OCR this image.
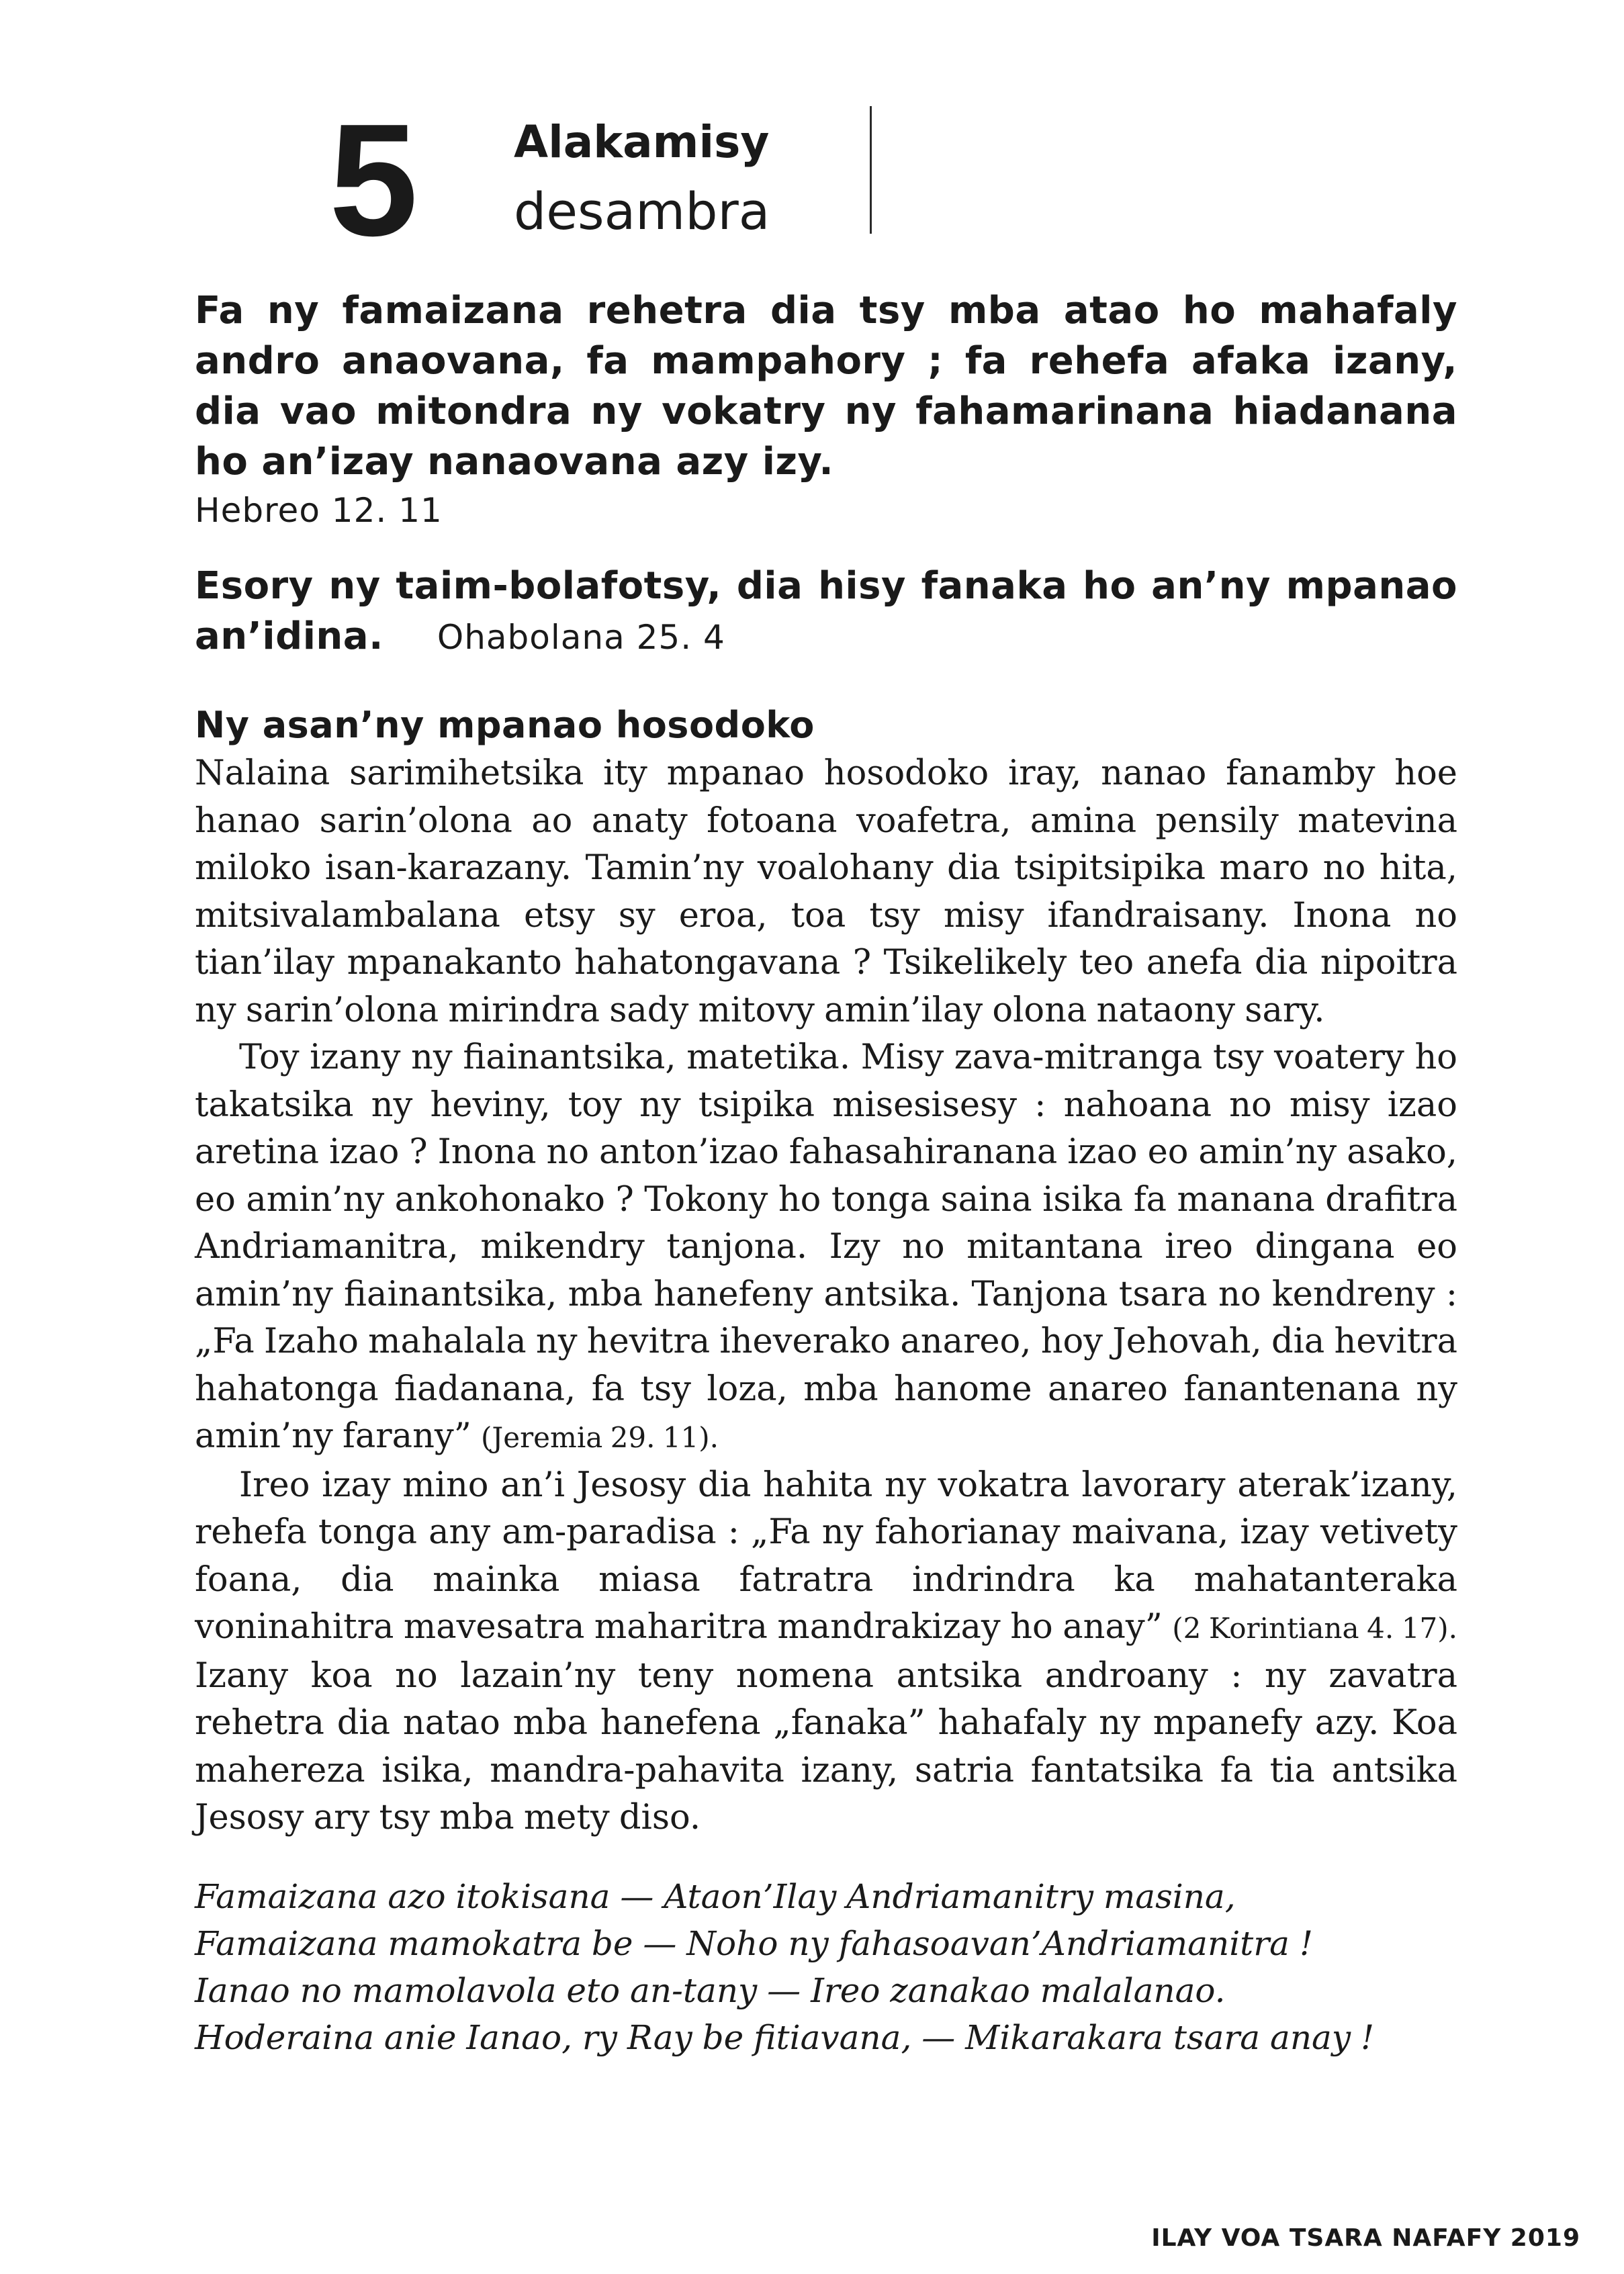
5 Alakamisy
desambra

Fa ny famaizana rehetra dia tsy mba atao ho mahafaly andro anaovana, fa mampahory ; fa rehefa afaka izany, dia vao mitondra ny vokatry ny fahamarinana hiadanana ho an’izay nanaovana azy izy.

Hebreo 12. 11

Esory ny taim-bolafotsy, dia hisy fanaka ho an’ny mpanao an’idina. Ohabolana 25. 4

Ny asan’ny mpanao hosodoko

Nalaina sarimihetsika ity mpanao hosodoko iray, nanao fanamby hoe hanao sarin’olona ao anaty fotoana voafetra, amina pensily matevina miloko isan-karazany. Tamin’ny voalohany dia tsipitsipika maro no hita, mitsivalambalana etsy sy eroa, toa tsy misy ifandraisany. Inona no tian’ilay mpanakanto hahatongavana ? Tsikelikely teo anefa dia nipoitra ny sarin’olona mirindra sady mitovy amin’ilay olona nataony sary.

Toy izany ny fiainantsika, matetika. Misy zava-mitranga tsy voatery ho takatsika ny heviny, toy ny tsipika misesisesy : nahoana no misy izao aretina izao ? Inona no anton’izao fahasahiranana izao eo amin’ny asako, eo amin’ny ankohonako ? Tokony ho tonga saina isika fa manana drafitra Andriamanitra, mikendry tanjona. Izy no mitantana ireo dingana eo amin’ny fiainantsika, mba hanefeny antsika. Tanjona tsara no kendreny : „Fa Izaho mahalala ny hevitra iheverako anareo, hoy Jehovah, dia hevitra hahatonga fiadanana, fa tsy loza, mba hanome anareo fanantenana ny amin’ny farany” (Jeremia 29. 11).

Ireo izay mino an’i Jesosy dia hahita ny vokatra lavorary aterak’izany, rehefa tonga any am-paradisa : „Fa ny fahorianay maivana, izay vetivety foana, dia mainka miasa fatratra indrindra ka mahatanteraka voninahitra mavesatra maharitra mandrakizay ho anay” (2 Korintiana 4. 17). Izany koa no lazain’ny teny nomena antsika androany : ny zavatra rehetra dia natao mba hanefena „fanaka” hahafaly ny mpanefy azy. Koa mahereza isika, mandra-pahavita izany, satria fantatsika fa tia antsika Jesosy ary tsy mba mety diso.

Famaizana azo itokisana — Ataon’Ilay Andriamanitry masina,
Famaizana mamokatra be — Noho ny fahasoavan’Andriamanitra !
Ianao no mamolavola eto an-tany — Ireo zanakao malalanao.
Hoderaina anie Ianao, ry Ray be fitiavana, — Mikarakara tsara anay !
ILAY VOA TSARA NAFAFY 2019
